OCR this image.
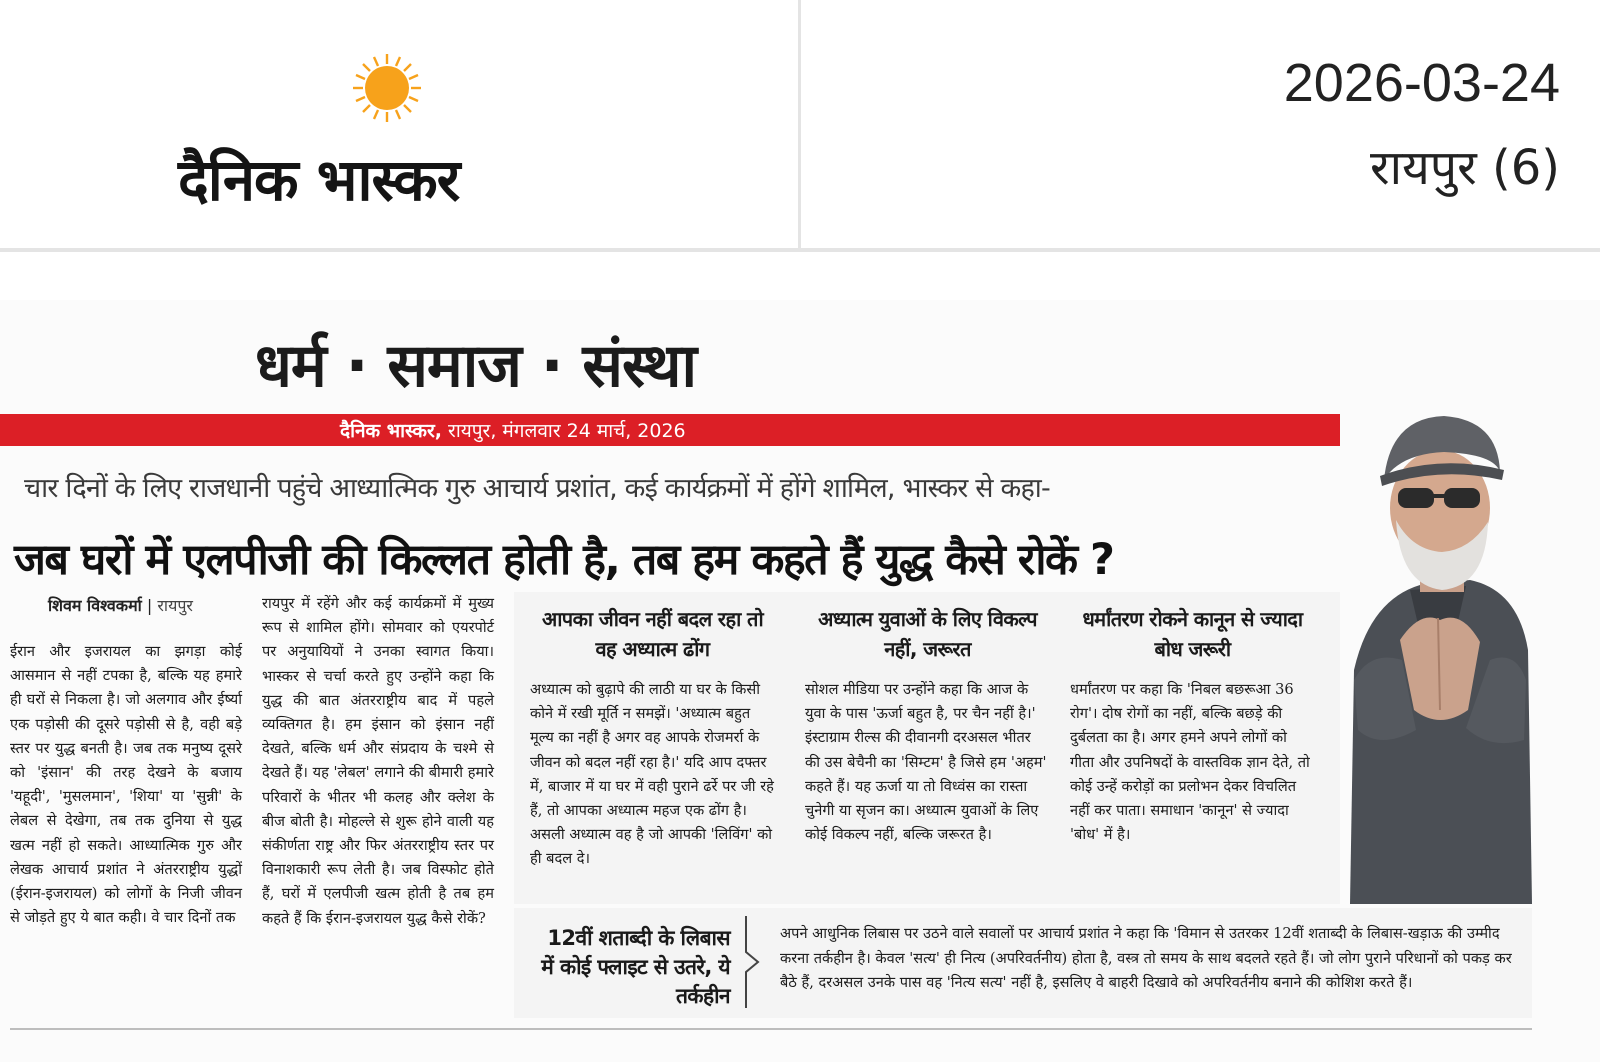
दैनिक भास्कर
2026-03-24
रायपुर (6)
धर्म · समाज · संस्था
दैनिक भास्कर, रायपुर, मंगलवार 24 मार्च, 2026
चार दिनों के लिए राजधानी पहुंचे आध्यात्मिक गुरु आचार्य प्रशांत, कई कार्यक्रमों में होंगे शामिल, भास्कर से कहा-
जब घरों में एलपीजी की किल्लत होती है, तब हम कहते हैं युद्ध कैसे रोकें ?
शिवम विश्वकर्मा | रायपुर
ईरान और इजरायल का झगड़ा कोई आसमान से नहीं टपका है, बल्कि यह हमारे ही घरों से निकला है। जो अलगाव और ईर्ष्या एक पड़ोसी की दूसरे पड़ोसी से है, वही बड़े स्तर पर युद्ध बनती है। जब तक मनुष्य दूसरे को 'इंसान' की तरह देखने के बजाय 'यहूदी', 'मुसलमान', 'शिया' या 'सुन्नी' के लेबल से देखेगा, तब तक दुनिया से युद्ध खत्म नहीं हो सकते। आध्यात्मिक गुरु और लेखक आचार्य प्रशांत ने अंतरराष्ट्रीय युद्धों (ईरान-इजरायल) को लोगों के निजी जीवन से जोड़ते हुए ये बात कही। वे चार दिनों तक
रायपुर में रहेंगे और कई कार्यक्रमों में मुख्य रूप से शामिल होंगे। सोमवार को एयरपोर्ट पर अनुयायियों ने उनका स्वागत किया। भास्कर से चर्चा करते हुए उन्होंने कहा कि युद्ध की बात अंतरराष्ट्रीय बाद में पहले व्यक्तिगत है। हम इंसान को इंसान नहीं देखते, बल्कि धर्म और संप्रदाय के चश्मे से देखते हैं। यह 'लेबल' लगाने की बीमारी हमारे परिवारों के भीतर भी कलह और क्लेश के बीज बोती है। मोहल्ले से शुरू होने वाली यह संकीर्णता राष्ट्र और फिर अंतरराष्ट्रीय स्तर पर विनाशकारी रूप लेती है। जब विस्फोट होते हैं, घरों में एलपीजी खत्म होती है तब हम कहते हैं कि ईरान-इजरायल युद्ध कैसे रोकें?
आपका जीवन नहीं बदल रहा तो वह अध्यात्म ढोंग
अध्यात्म को बुढ़ापे की लाठी या घर के किसी कोने में रखी मूर्ति न समझें। 'अध्यात्म बहुत मूल्य का नहीं है अगर वह आपके रोजमर्रा के जीवन को बदल नहीं रहा है।' यदि आप दफ्तर में, बाजार में या घर में वही पुराने ढर्रे पर जी रहे हैं, तो आपका अध्यात्म महज एक ढोंग है। असली अध्यात्म वह है जो आपकी 'लिविंग' को ही बदल दे।
अध्यात्म युवाओं के लिए विकल्प नहीं, जरूरत
सोशल मीडिया पर उन्होंने कहा कि आज के युवा के पास 'ऊर्जा बहुत है, पर चैन नहीं है।' इंस्टाग्राम रील्स की दीवानगी दरअसल भीतर की उस बेचैनी का 'सिम्टम' है जिसे हम 'अहम' कहते हैं। यह ऊर्जा या तो विध्वंस का रास्ता चुनेगी या सृजन का। अध्यात्म युवाओं के लिए कोई विकल्प नहीं, बल्कि जरूरत है।
धर्मांतरण रोकने कानून से ज्यादा बोध जरूरी
धर्मांतरण पर कहा कि 'निबल बछरूआ 36 रोग'। दोष रोगों का नहीं, बल्कि बछड़े की दुर्बलता का है। अगर हमने अपने लोगों को गीता और उपनिषदों के वास्तविक ज्ञान देते, तो कोई उन्हें करोड़ों का प्रलोभन देकर विचलित नहीं कर पाता। समाधान 'कानून' से ज्यादा 'बोध' में है।
12वीं शताब्दी के लिबास में कोई फ्लाइट से उतरे, ये तर्कहीन
अपने आधुनिक लिबास पर उठने वाले सवालों पर आचार्य प्रशांत ने कहा कि 'विमान से उतरकर 12वीं शताब्दी के लिबास-खड़ाऊ की उम्मीद करना तर्कहीन है। केवल 'सत्य' ही नित्य (अपरिवर्तनीय) होता है, वस्त्र तो समय के साथ बदलते रहते हैं। जो लोग पुराने परिधानों को पकड़ कर बैठे हैं, दरअसल उनके पास वह 'नित्य सत्य' नहीं है, इसलिए वे बाहरी दिखावे को अपरिवर्तनीय बनाने की कोशिश करते हैं।
